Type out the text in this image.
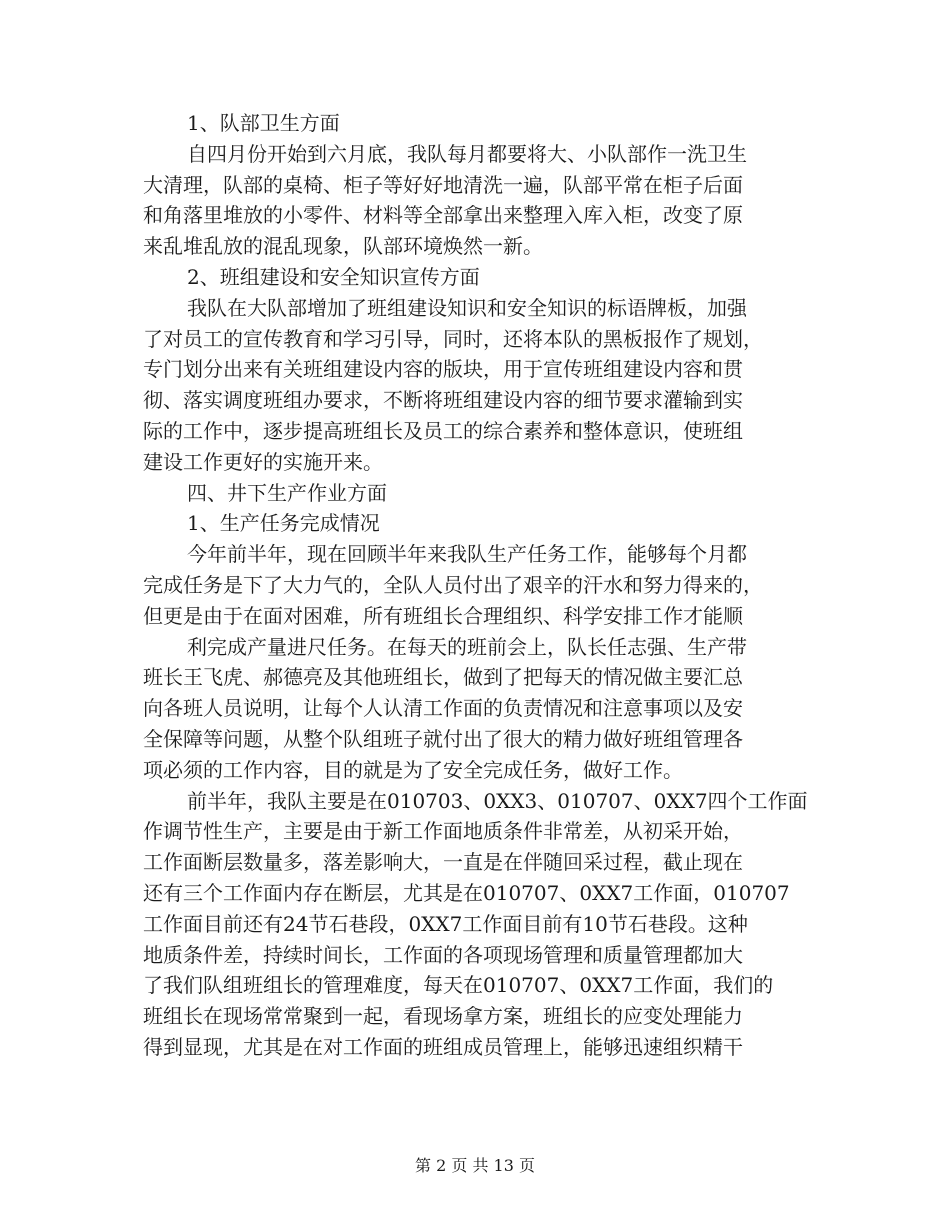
1、队部卫生方面
自四月份开始到六月底，我队每月都要将大、小队部作一洗卫生
大清理，队部的桌椅、柜子等好好地清洗一遍，队部平常在柜子后面
和角落里堆放的小零件、材料等全部拿出来整理入库入柜，改变了原
来乱堆乱放的混乱现象，队部环境焕然一新。
2、班组建设和安全知识宣传方面
我队在大队部增加了班组建设知识和安全知识的标语牌板，加强
了对员工的宣传教育和学习引导，同时，还将本队的黑板报作了规划，
专门划分出来有关班组建设内容的版块，用于宣传班组建设内容和贯
彻、落实调度班组办要求，不断将班组建设内容的细节要求灌输到实
际的工作中，逐步提高班组长及员工的综合素养和整体意识，使班组
建设工作更好的实施开来。
四、井下生产作业方面
1、生产任务完成情况
今年前半年，现在回顾半年来我队生产任务工作，能够每个月都
完成任务是下了大力气的，全队人员付出了艰辛的汗水和努力得来的，
但更是由于在面对困难，所有班组长合理组织、科学安排工作才能顺
利完成产量进尺任务。在每天的班前会上，队长任志强、生产带
班长王飞虎、郝德亮及其他班组长，做到了把每天的情况做主要汇总
向各班人员说明，让每个人认清工作面的负责情况和注意事项以及安
全保障等问题，从整个队组班子就付出了很大的精力做好班组管理各
项必须的工作内容，目的就是为了安全完成任务，做好工作。
前半年，我队主要是在010703、0XX3、010707、0XX7四个工作面
作调节性生产，主要是由于新工作面地质条件非常差，从初采开始，
工作面断层数量多，落差影响大，一直是在伴随回采过程，截止现在
还有三个工作面内存在断层，尤其是在010707、0XX7工作面，010707
工作面目前还有24节石巷段，0XX7工作面目前有10节石巷段。这种
地质条件差，持续时间长，工作面的各项现场管理和质量管理都加大
了我们队组班组长的管理难度，每天在010707、0XX7工作面，我们的
班组长在现场常常聚到一起，看现场拿方案，班组长的应变处理能力
得到显现，尤其是在对工作面的班组成员管理上，能够迅速组织精干
第 2 页 共 13 页
